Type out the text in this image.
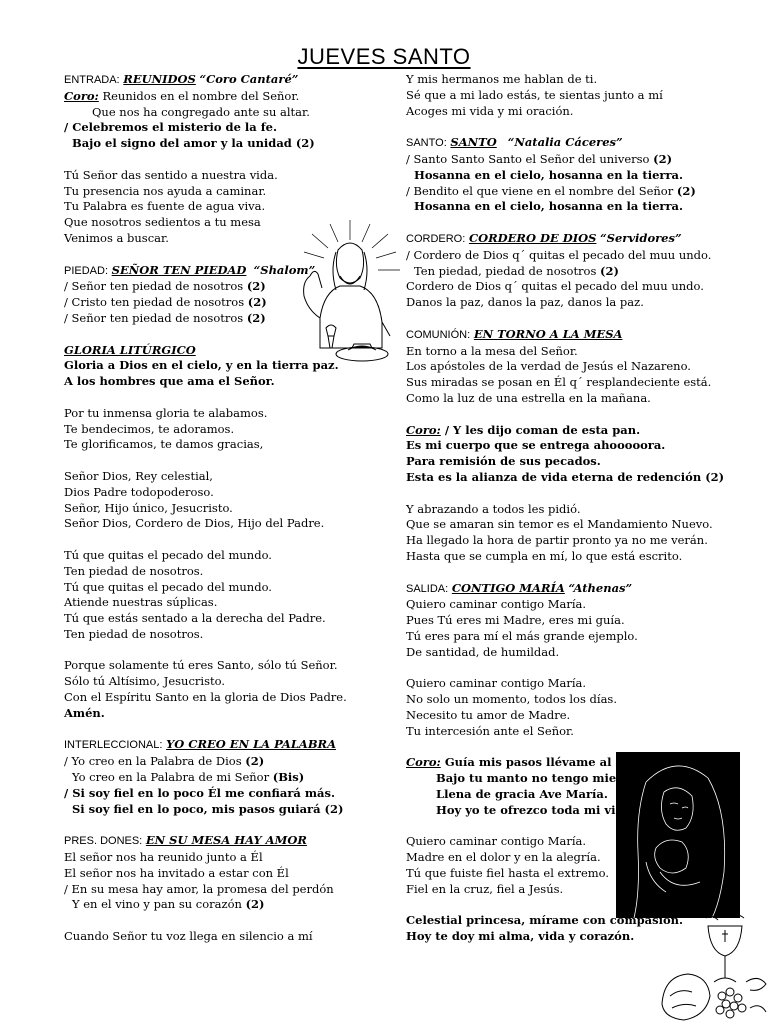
JUEVES SANTO
ENTRADA: REUNIDOS “Coro Cantaré”
Coro: Reunidos en el nombre del Señor.
Que nos ha congregado ante su altar.
/ Celebremos el misterio de la fe.
Bajo el signo del amor y la unidad (2)
Tú Señor das sentido a nuestra vida.
Tu presencia nos ayuda a caminar.
Tu Palabra es fuente de agua viva.
Que nosotros sedientos a tu mesa
Venimos a buscar.
PIEDAD: SEÑOR TEN PIEDAD “Shalom”
/ Señor ten piedad de nosotros (2)
/ Cristo ten piedad de nosotros (2)
/ Señor ten piedad de nosotros (2)
GLORIA LITÚRGICO
Gloria a Dios en el cielo, y en la tierra paz.
A los hombres que ama el Señor.
Por tu inmensa gloria te alabamos.
Te bendecimos, te adoramos.
Te glorificamos, te damos gracias,
Señor Dios, Rey celestial,
Dios Padre todopoderoso.
Señor, Hijo único, Jesucristo.
Señor Dios, Cordero de Dios, Hijo del Padre.
Tú que quitas el pecado del mundo.
Ten piedad de nosotros.
Tú que quitas el pecado del mundo.
Atiende nuestras súplicas.
Tú que estás sentado a la derecha del Padre.
Ten piedad de nosotros.
Porque solamente tú eres Santo, sólo tú Señor.
Sólo tú Altísimo, Jesucristo.
Con el Espíritu Santo en la gloria de Dios Padre.
Amén.
INTERLECCIONAL: YO CREO EN LA PALABRA
/ Yo creo en la Palabra de Dios (2)
Yo creo en la Palabra de mi Señor (Bis)
/ Si soy fiel en lo poco Él me confiará más.
Si soy fiel en lo poco, mis pasos guiará (2)
PRES. DONES: EN SU MESA HAY AMOR
El señor nos ha reunido junto a Él
El señor nos ha invitado a estar con Él
/ En su mesa hay amor, la promesa del perdón
Y en el vino y pan su corazón (2)
Cuando Señor tu voz llega en silencio a mí
Y mis hermanos me hablan de ti.
Sé que a mi lado estás, te sientas junto a mí
Acoges mi vida y mi oración.
SANTO: SANTO “Natalia Cáceres”
/ Santo Santo Santo el Señor del universo (2)
Hosanna en el cielo, hosanna en la tierra.
/ Bendito el que viene en el nombre del Señor (2)
Hosanna en el cielo, hosanna en la tierra.
CORDERO: CORDERO DE DIOS “Servidores”
/ Cordero de Dios q´ quitas el pecado del muu undo.
Ten piedad, piedad de nosotros (2)
Cordero de Dios q´ quitas el pecado del muu undo.
Danos la paz, danos la paz, danos la paz.
COMUNIÓN: EN TORNO A LA MESA
En torno a la mesa del Señor.
Los apóstoles de la verdad de Jesús el Nazareno.
Sus miradas se posan en Él q´ resplandeciente está.
Como la luz de una estrella en la mañana.
Coro: / Y les dijo coman de esta pan.
Es mi cuerpo que se entrega ahooooora.
Para remisión de sus pecados.
Esta es la alianza de vida eterna de redención (2)
Y abrazando a todos les pidió.
Que se amaran sin temor es el Mandamiento Nuevo.
Ha llegado la hora de partir pronto ya no me verán.
Hasta que se cumpla en mí, lo que está escrito.
SALIDA: CONTIGO MARÍA “Athenas”
Quiero caminar contigo María.
Pues Tú eres mi Madre, eres mi guía.
Tú eres para mí el más grande ejemplo.
De santidad, de humildad.
Quiero caminar contigo María.
No solo un momento, todos los días.
Necesito tu amor de Madre.
Tu intercesión ante el Señor.
Coro: Guía mis pasos llévame al cielo
Bajo tu manto no tengo miedo
Llena de gracia Ave María.
Hoy yo te ofrezco toda mi vida.
Quiero caminar contigo María.
Madre en el dolor y en la alegría.
Tú que fuiste fiel hasta el extremo.
Fiel en la cruz, fiel a Jesús.
Celestial princesa, mírame con compasión.
Hoy te doy mi alma, vida y corazón.
